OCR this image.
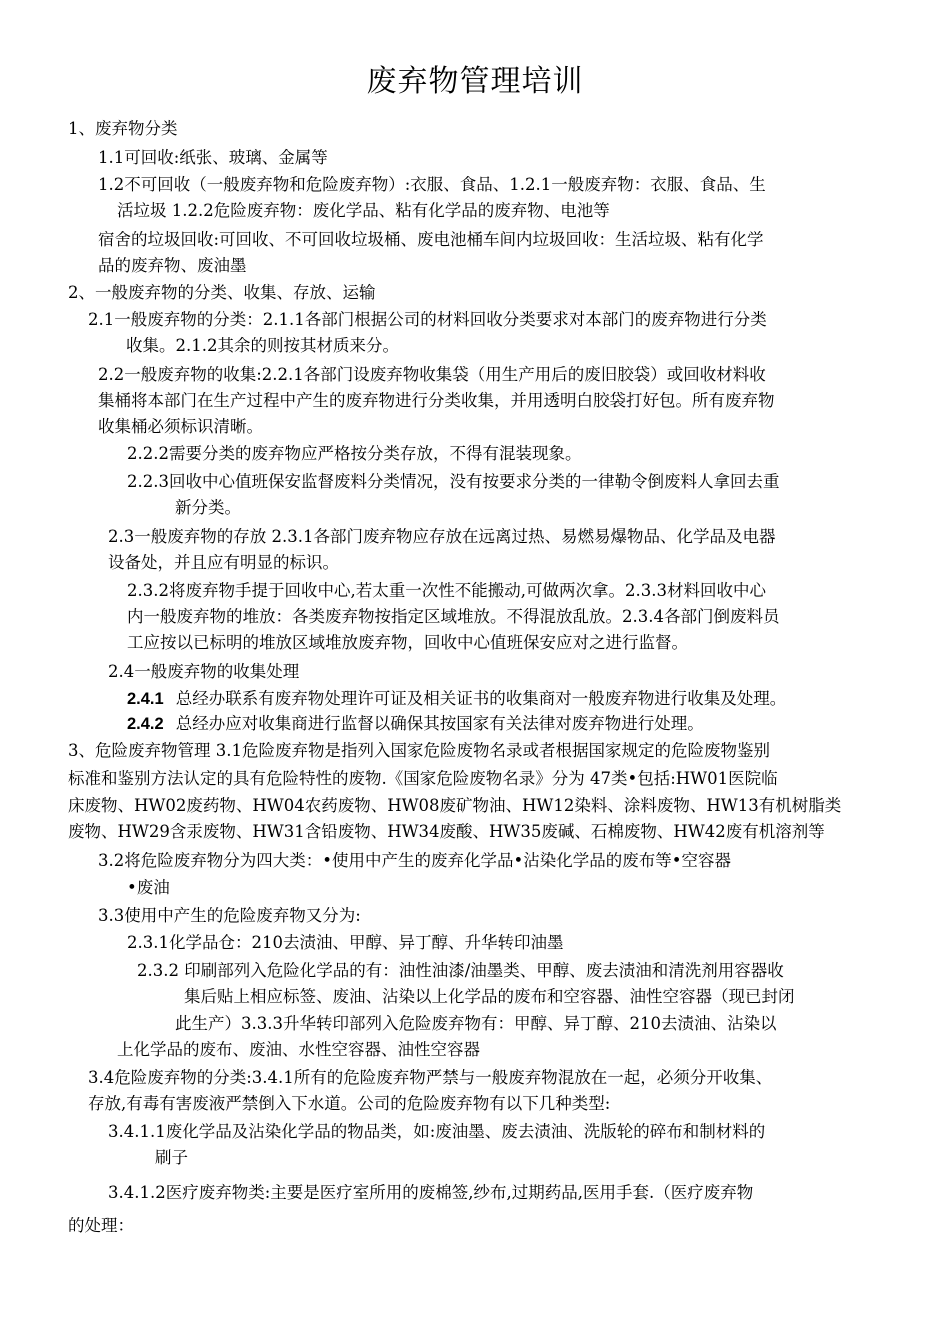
废弃物管理培训

1、废弃物分类

1.1可回收:纸张、玻璃、金属等

1.2不可回收（一般废弃物和危险废弃物）:衣服、食品、1.2.1一般废弃物：衣服、食品、生

活垃圾 1.2.2危险废弃物：废化学品、粘有化学品的废弃物、电池等

宿舍的垃圾回收:可回收、不可回收垃圾桶、废电池桶车间内垃圾回收：生活垃圾、粘有化学

品的废弃物、废油墨

2、一般废弃物的分类、收集、存放、运输

2.1一般废弃物的分类：2.1.1各部门根据公司的材料回收分类要求对本部门的废弃物进行分类

收集。2.1.2其余的则按其材质来分。

2.2一般废弃物的收集:2.2.1各部门设废弃物收集袋（用生产用后的废旧胶袋）或回收材料收

集桶将本部门在生产过程中产生的废弃物进行分类收集，并用透明白胶袋打好包。所有废弃物

收集桶必须标识清晰。

2.2.2需要分类的废弃物应严格按分类存放，不得有混装现象。

2.2.3回收中心值班保安监督废料分类情况，没有按要求分类的一律勒令倒废料人拿回去重

新分类。

2.3一般废弃物的存放 2.3.1各部门废弃物应存放在远离过热、易燃易爆物品、化学品及电器

设备处，并且应有明显的标识。

2.3.2将废弃物手提于回收中心,若太重一次性不能搬动,可做两次拿。2.3.3材料回收中心

内一般废弃物的堆放：各类废弃物按指定区域堆放。不得混放乱放。2.3.4各部门倒废料员

工应按以已标明的堆放区域堆放废弃物，回收中心值班保安应对之进行监督。

2.4一般废弃物的收集处理

2.4.1 总经办联系有废弃物处理许可证及相关证书的收集商对一般废弃物进行收集及处理。

2.4.2 总经办应对收集商进行监督以确保其按国家有关法律对废弃物进行处理。

3、危险废弃物管理 3.1危险废弃物是指列入国家危险废物名录或者根据国家规定的危险废物鉴别

标准和鉴别方法认定的具有危险特性的废物.《国家危险废物名录》分为 47类•包括:HW01医院临

床废物、HW02废药物、HW04农药废物、HW08废矿物油、HW12染料、涂料废物、HW13有机树脂类

废物、HW29含汞废物、HW31含铅废物、HW34废酸、HW35废碱、石棉废物、HW42废有机溶剂等

3.2将危险废弃物分为四大类：•使用中产生的废弃化学品•沾染化学品的废布等•空容器

•废油

3.3使用中产生的危险废弃物又分为:

2.3.1化学品仓：210去渍油、甲醇、异丁醇、升华转印油墨

2.3.2 印刷部列入危险化学品的有：油性油漆/油墨类、甲醇、废去渍油和清洗剂用容器收

集后贴上相应标签、废油、沾染以上化学品的废布和空容器、油性空容器（现已封闭

此生产）3.3.3升华转印部列入危险废弃物有：甲醇、异丁醇、210去渍油、沾染以

上化学品的废布、废油、水性空容器、油性空容器

3.4危险废弃物的分类:3.4.1所有的危险废弃物严禁与一般废弃物混放在一起，必须分开收集、

存放,有毒有害废液严禁倒入下水道。公司的危险废弃物有以下几种类型:

3.4.1.1废化学品及沾染化学品的物品类，如:废油墨、废去渍油、洗版轮的碎布和制材料的

刷子

3.4.1.2医疗废弃物类:主要是医疗室所用的废棉签,纱布,过期药品,医用手套.（医疗废弃物

的处理：
